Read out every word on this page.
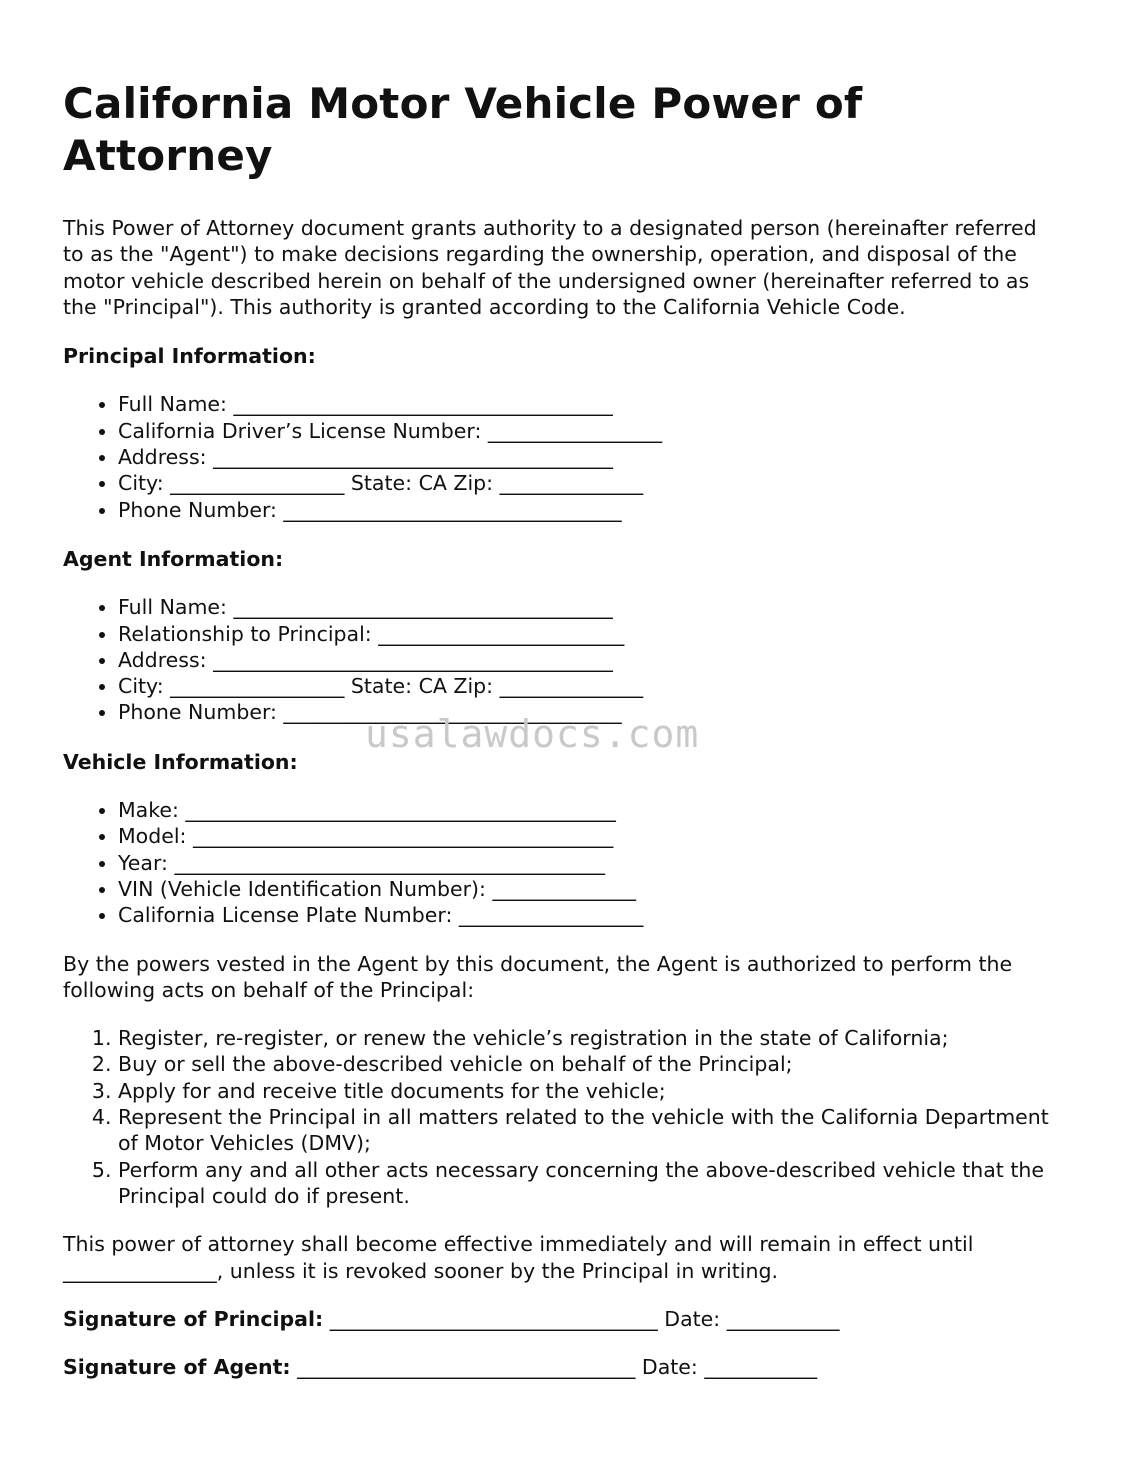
California Motor Vehicle Power of Attorney

This Power of Attorney document grants authority to a designated person (hereinafter referred to as the "Agent") to make decisions regarding the ownership, operation, and disposal of the motor vehicle described herein on behalf of the undersigned owner (hereinafter referred to as the "Principal"). This authority is granted according to the California Vehicle Code.

Principal Information:

• Full Name: _____________________________________
• California Driver’s License Number: _________________
• Address: _______________________________________
• City: _________________ State: CA Zip: ______________
• Phone Number: _________________________________

Agent Information:

• Full Name: _____________________________________
• Relationship to Principal: ________________________
• Address: _______________________________________
• City: _________________ State: CA Zip: ______________
• Phone Number: _________________________________

Vehicle Information:

• Make: __________________________________________
• Model: _________________________________________
• Year: __________________________________________
• VIN (Vehicle Identification Number): ______________
• California License Plate Number: __________________

By the powers vested in the Agent by this document, the Agent is authorized to perform the following acts on behalf of the Principal:

1. Register, re-register, or renew the vehicle’s registration in the state of California;
2. Buy or sell the above-described vehicle on behalf of the Principal;
3. Apply for and receive title documents for the vehicle;
4. Represent the Principal in all matters related to the vehicle with the California Department of Motor Vehicles (DMV);
5. Perform any and all other acts necessary concerning the above-described vehicle that the Principal could do if present.

This power of attorney shall become effective immediately and will remain in effect until _______________, unless it is revoked sooner by the Principal in writing.

Signature of Principal: ________________________________ Date: ___________

Signature of Agent: _________________________________ Date: ___________

usalawdocs.com
